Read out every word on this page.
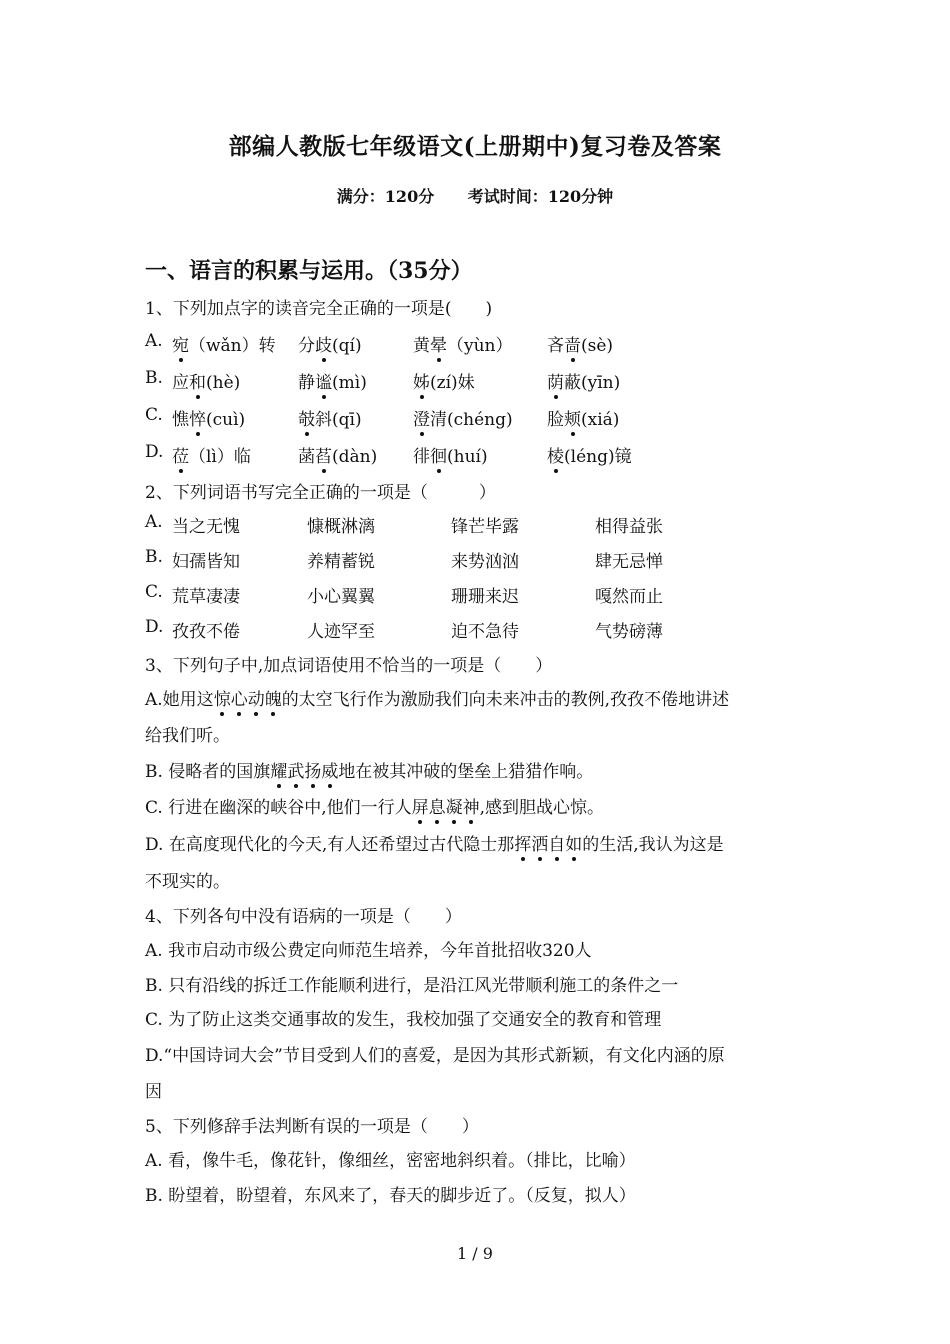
部编人教版七年级语文(上册期中)复习卷及答案
满分：120分 考试时间：120分钟
一、语言的积累与运用。（35分）
1、下列加点字的读音完全正确的一项是(　　)
2、下列词语书写完全正确的一项是（　　　）
3、下列句子中,加点词语使用不恰当的一项是（　　）
A.她用这惊心动魄的太空飞行作为激励我们向未来冲击的教例,孜孜不倦地讲述
给我们听。
B. 侵略者的国旗耀武扬威地在被其冲破的堡垒上猎猎作响。
C. 行进在幽深的峡谷中,他们一行人屏息凝神,感到胆战心惊。
D. 在高度现代化的今天,有人还希望过古代隐士那挥洒自如的生活,我认为这是
不现实的。
4、下列各句中没有语病的一项是（　　）
A. 我市启动市级公费定向师范生培养，今年首批招收320人
B. 只有沿线的拆迁工作能顺利进行，是沿江风光带顺利施工的条件之一
C. 为了防止这类交通事故的发生，我校加强了交通安全的教育和管理
D.“中国诗词大会”节目受到人们的喜爱，是因为其形式新颖，有文化内涵的原
因
5、下列修辞手法判断有误的一项是（　　）
A. 看，像牛毛，像花针，像细丝，密密地斜织着。（排比，比喻）
B. 盼望着，盼望着，东风来了，春天的脚步近了。（反复，拟人）
1 / 9
A. 宛（wǎn）转 分歧(qí)	黄晕（yùn） 吝啬(sè)
B. 应和(hè)	静谧(mì)	姊(zí)妹	荫蔽(yīn)
C. 憔悴(cuì)	攲斜(qī)	澄清(chéng) 脸颊(xiá)
D. 莅（lì）临	菡萏(dàn) 徘徊(huí)	棱(léng)镜
A. 当之无愧	慷概淋漓	锋芒毕露	相得益张
B. 妇孺皆知	养精蓄锐	来势汹汹	肆无忌惮
C. 荒草凄凄	小心翼翼	珊珊来迟	嘎然而止
D. 孜孜不倦	人迹罕至	迫不急待	气势磅薄
